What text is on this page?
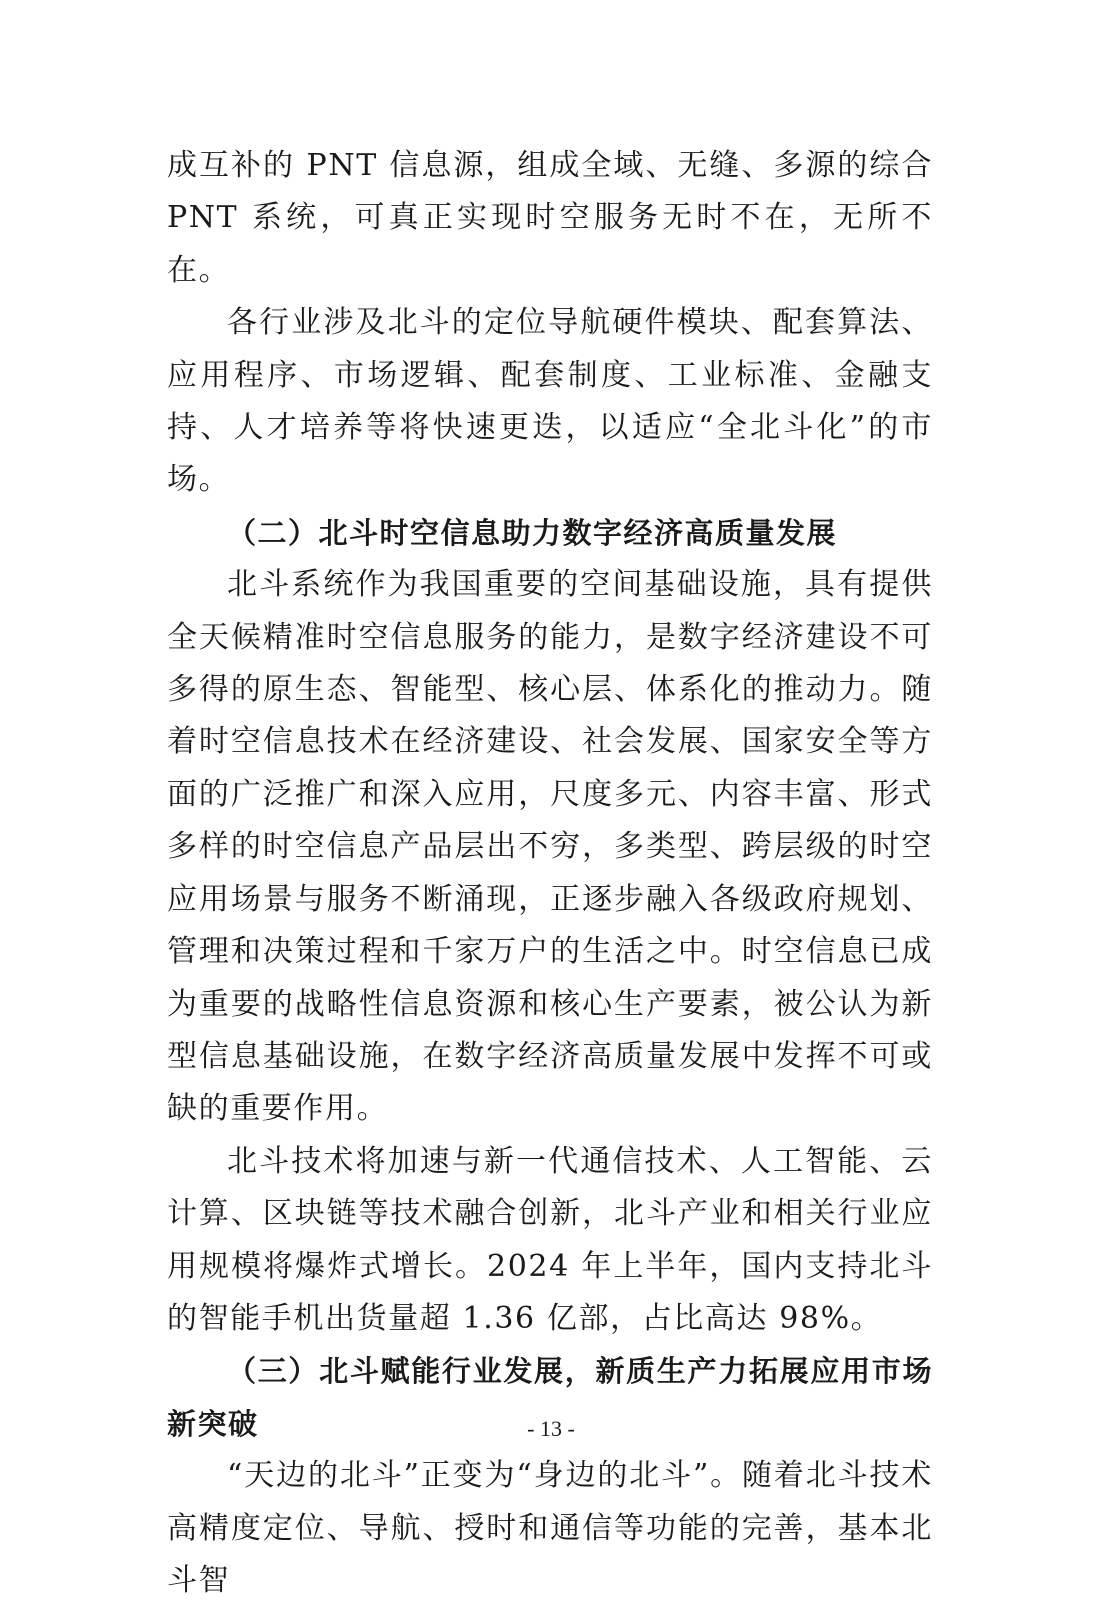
成互补的 PNT 信息源，组成全域、无缝、多源的综合 PNT 系统，可真正实现时空服务无时不在，无所不在。

各行业涉及北斗的定位导航硬件模块、配套算法、应用程序、市场逻辑、配套制度、工业标准、金融支持、人才培养等将快速更迭，以适应“全北斗化”的市场。

（二）北斗时空信息助力数字经济高质量发展

北斗系统作为我国重要的空间基础设施，具有提供全天候精准时空信息服务的能力，是数字经济建设不可多得的原生态、智能型、核心层、体系化的推动力。随着时空信息技术在经济建设、社会发展、国家安全等方面的广泛推广和深入应用，尺度多元、内容丰富、形式多样的时空信息产品层出不穷，多类型、跨层级的时空应用场景与服务不断涌现，正逐步融入各级政府规划、管理和决策过程和千家万户的生活之中。时空信息已成为重要的战略性信息资源和核心生产要素，被公认为新型信息基础设施，在数字经济高质量发展中发挥不可或缺的重要作用。

北斗技术将加速与新一代通信技术、人工智能、云计算、区块链等技术融合创新，北斗产业和相关行业应用规模将爆炸式增长。2024 年上半年，国内支持北斗的智能手机出货量超 1.36 亿部，占比高达 98%。

（三）北斗赋能行业发展，新质生产力拓展应用市场新突破

“天边的北斗”正变为“身边的北斗”。随着北斗技术高精度定位、导航、授时和通信等功能的完善，基本北斗智

- 13 -
